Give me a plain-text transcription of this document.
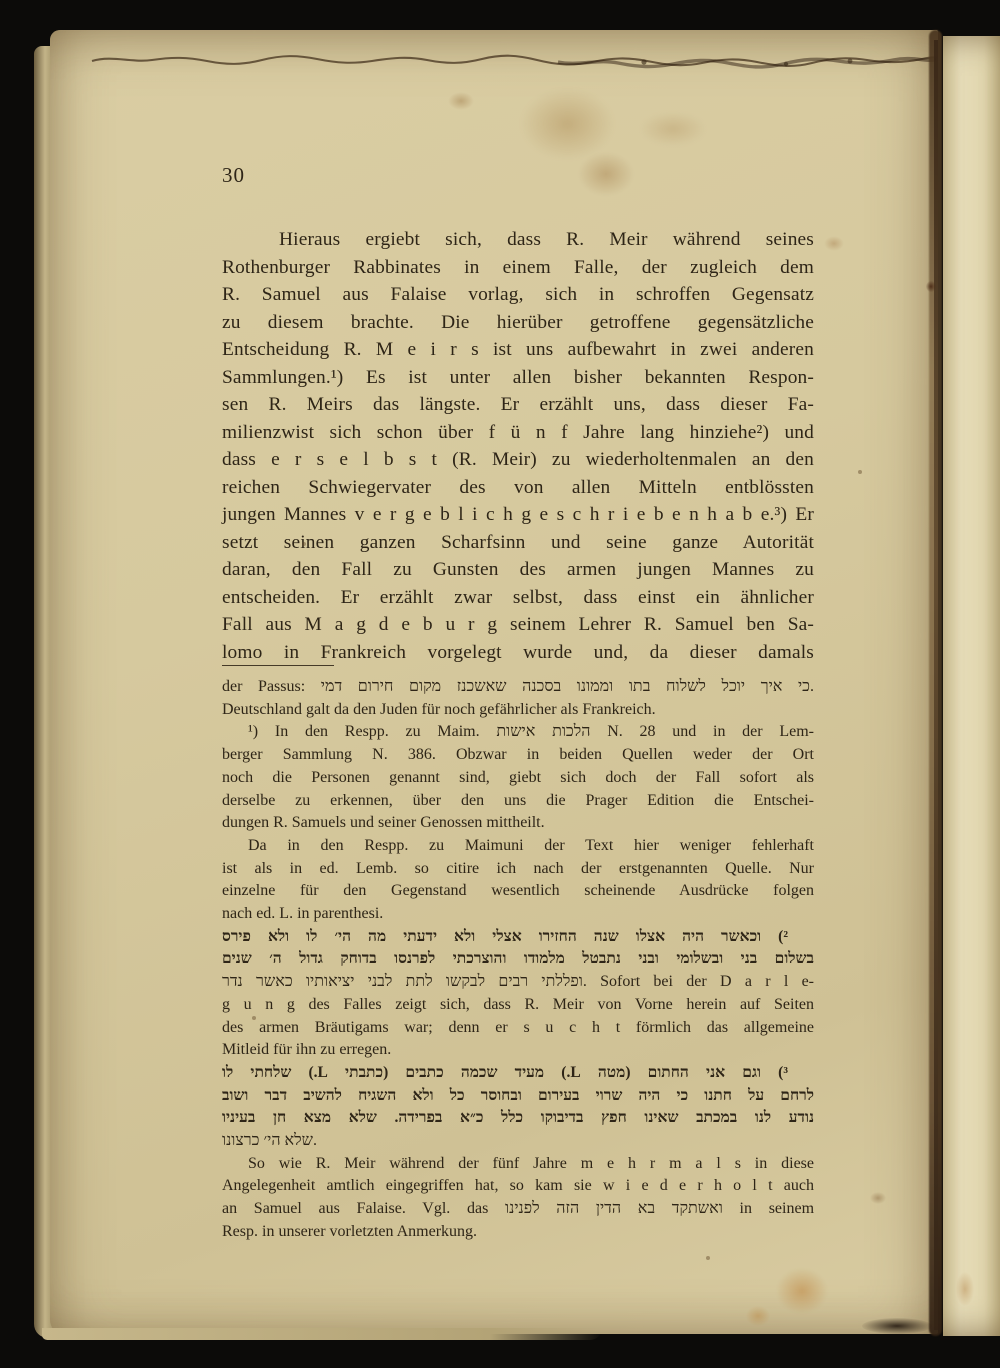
30
Hieraus ergiebt sich, dass R. Meir während seines
Rothenburger Rabbinates in einem Falle, der zugleich dem
R. Samuel aus Falaise vorlag, sich in schroffen Gegensatz
zu diesem brachte. Die hierüber getroffene gegensätzliche
Entscheidung R. M e i r s ist uns aufbewahrt in zwei anderen
Sammlungen.¹) Es ist unter allen bisher bekannten Respon-
sen R. Meirs das längste. Er erzählt uns, dass dieser Fa-
milienzwist sich schon über f ü n f Jahre lang hinziehe²) und
dass e r s e l b s t (R. Meir) zu wiederholtenmalen an den
reichen Schwiegervater des von allen Mitteln entblössten
jungen Mannes v e r g e b l i c h g e s c h r i e b e n h a b e.³) Er
setzt seinen ganzen Scharfsinn und seine ganze Autorität
daran, den Fall zu Gunsten des armen jungen Mannes zu
entscheiden. Er erzählt zwar selbst, dass einst ein ähnlicher
Fall aus M a g d e b u r g seinem Lehrer R. Samuel ben Sa-
lomo in Frankreich vorgelegt wurde und, da dieser damals
der Passus: כי איך יוכל לשלוח בתו וממונו בסכנה שאשכנז מקום חירום דמי.
Deutschland galt da den Juden für noch gefährlicher als Frankreich.
¹) In den Respp. zu Maim. הלכות אישות N. 28 und in der Lem-
berger Sammlung N. 386. Obzwar in beiden Quellen weder der Ort
noch die Personen genannt sind, giebt sich doch der Fall sofort als
derselbe zu erkennen, über den uns die Prager Edition die Entschei-
dungen R. Samuels und seiner Genossen mittheilt.
Da in den Respp. zu Maimuni der Text hier weniger fehlerhaft
ist als in ed. Lemb. so citire ich nach der erstgenannten Quelle. Nur
einzelne für den Gegenstand wesentlich scheinende Ausdrücke folgen
nach ed. L. in parenthesi.
²) וכאשר היה אצלו שנה החזירו אצלי ולא ידעתי מה הי׳ לו ולא פירס
בשלום בני ובשלומי ובני נתבטל מלמודו והוצרכתי לפרנסו בדוחק גדול ה׳ שנים
ופללתי רבים לבקשו לתת לבני יציאותיו כאשר נדר. Sofort bei der D a r l e-
g u n g des Falles zeigt sich, dass R. Meir von Vorne herein auf Seiten
des armen Bräutigams war; denn er s u c h t förmlich das allgemeine
Mitleid für ihn zu erregen.
³) וגם אני החתום (מטה L.) מעיד שכמה כתבים (כתבתי L.) שלחתי לו
לרחם על חתנו כי היה שרוי בעירום ובחוסר כל ולא השגיח להשיב דבר ושוב
נודע לנו במכתב שאינו חפץ בדיבוקו כלל כ״א בפרידה. שלא מצא חן בעיניו
שלא הי׳ כרצונו.
So wie R. Meir während der fünf Jahre m e h r m a l s in diese
Angelegenheit amtlich eingegriffen hat, so kam sie w i e d e r h o l t auch
an Samuel aus Falaise. Vgl. das ואשתקד בא הדין הזה לפנינו in seinem
Resp. in unserer vorletzten Anmerkung.
